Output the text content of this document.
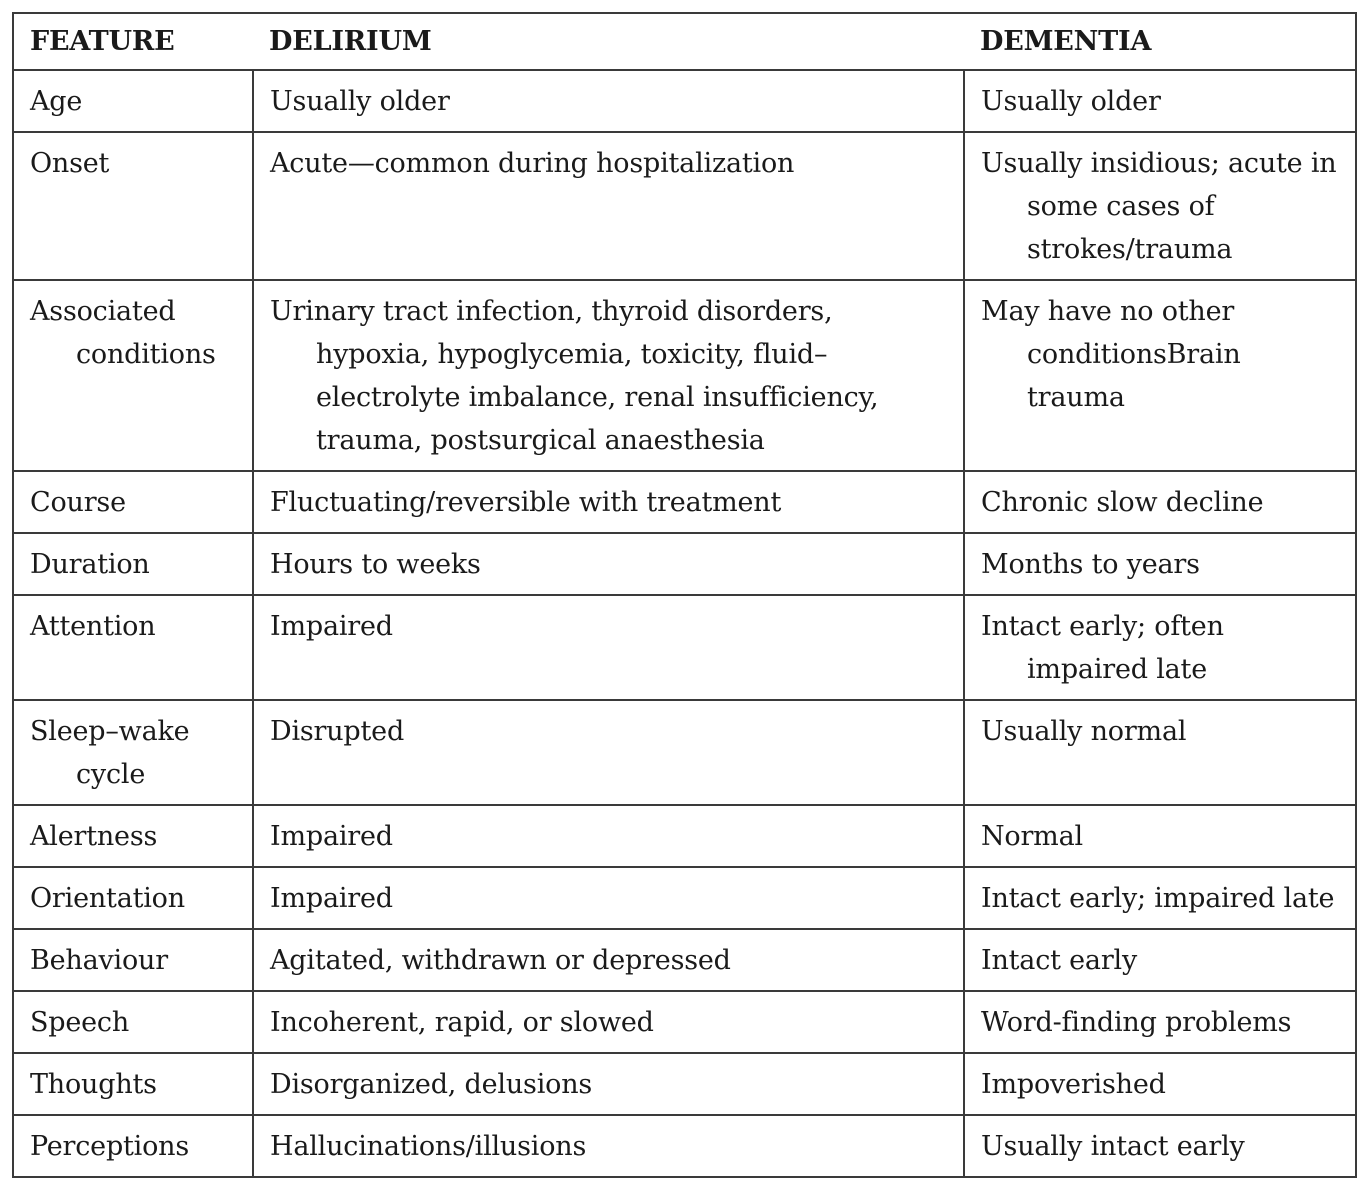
FEATURE	DELIRIUM	DEMENTIA

Age	Usually older	Usually older

Onset	Acute—common during hospitalization	Usually insidious; acute in some cases of strokes/trauma

Associated conditions	Urinary tract infection, thyroid disorders, hypoxia, hypoglycemia, toxicity, fluid–electrolyte imbalance, renal insufficiency, trauma, postsurgical anaesthesia	May have no other conditionsBrain trauma

Course	Fluctuating/reversible with treatment	Chronic slow decline

Duration	Hours to weeks	Months to years

Attention	Impaired	Intact early; often impaired late

Sleep–wake cycle	Disrupted	Usually normal

Alertness	Impaired	Normal

Orientation	Impaired	Intact early; impaired late

Behaviour	Agitated, withdrawn or depressed	Intact early

Speech	Incoherent, rapid, or slowed	Word-finding problems

Thoughts	Disorganized, delusions	Impoverished

Perceptions	Hallucinations/illusions	Usually intact early
